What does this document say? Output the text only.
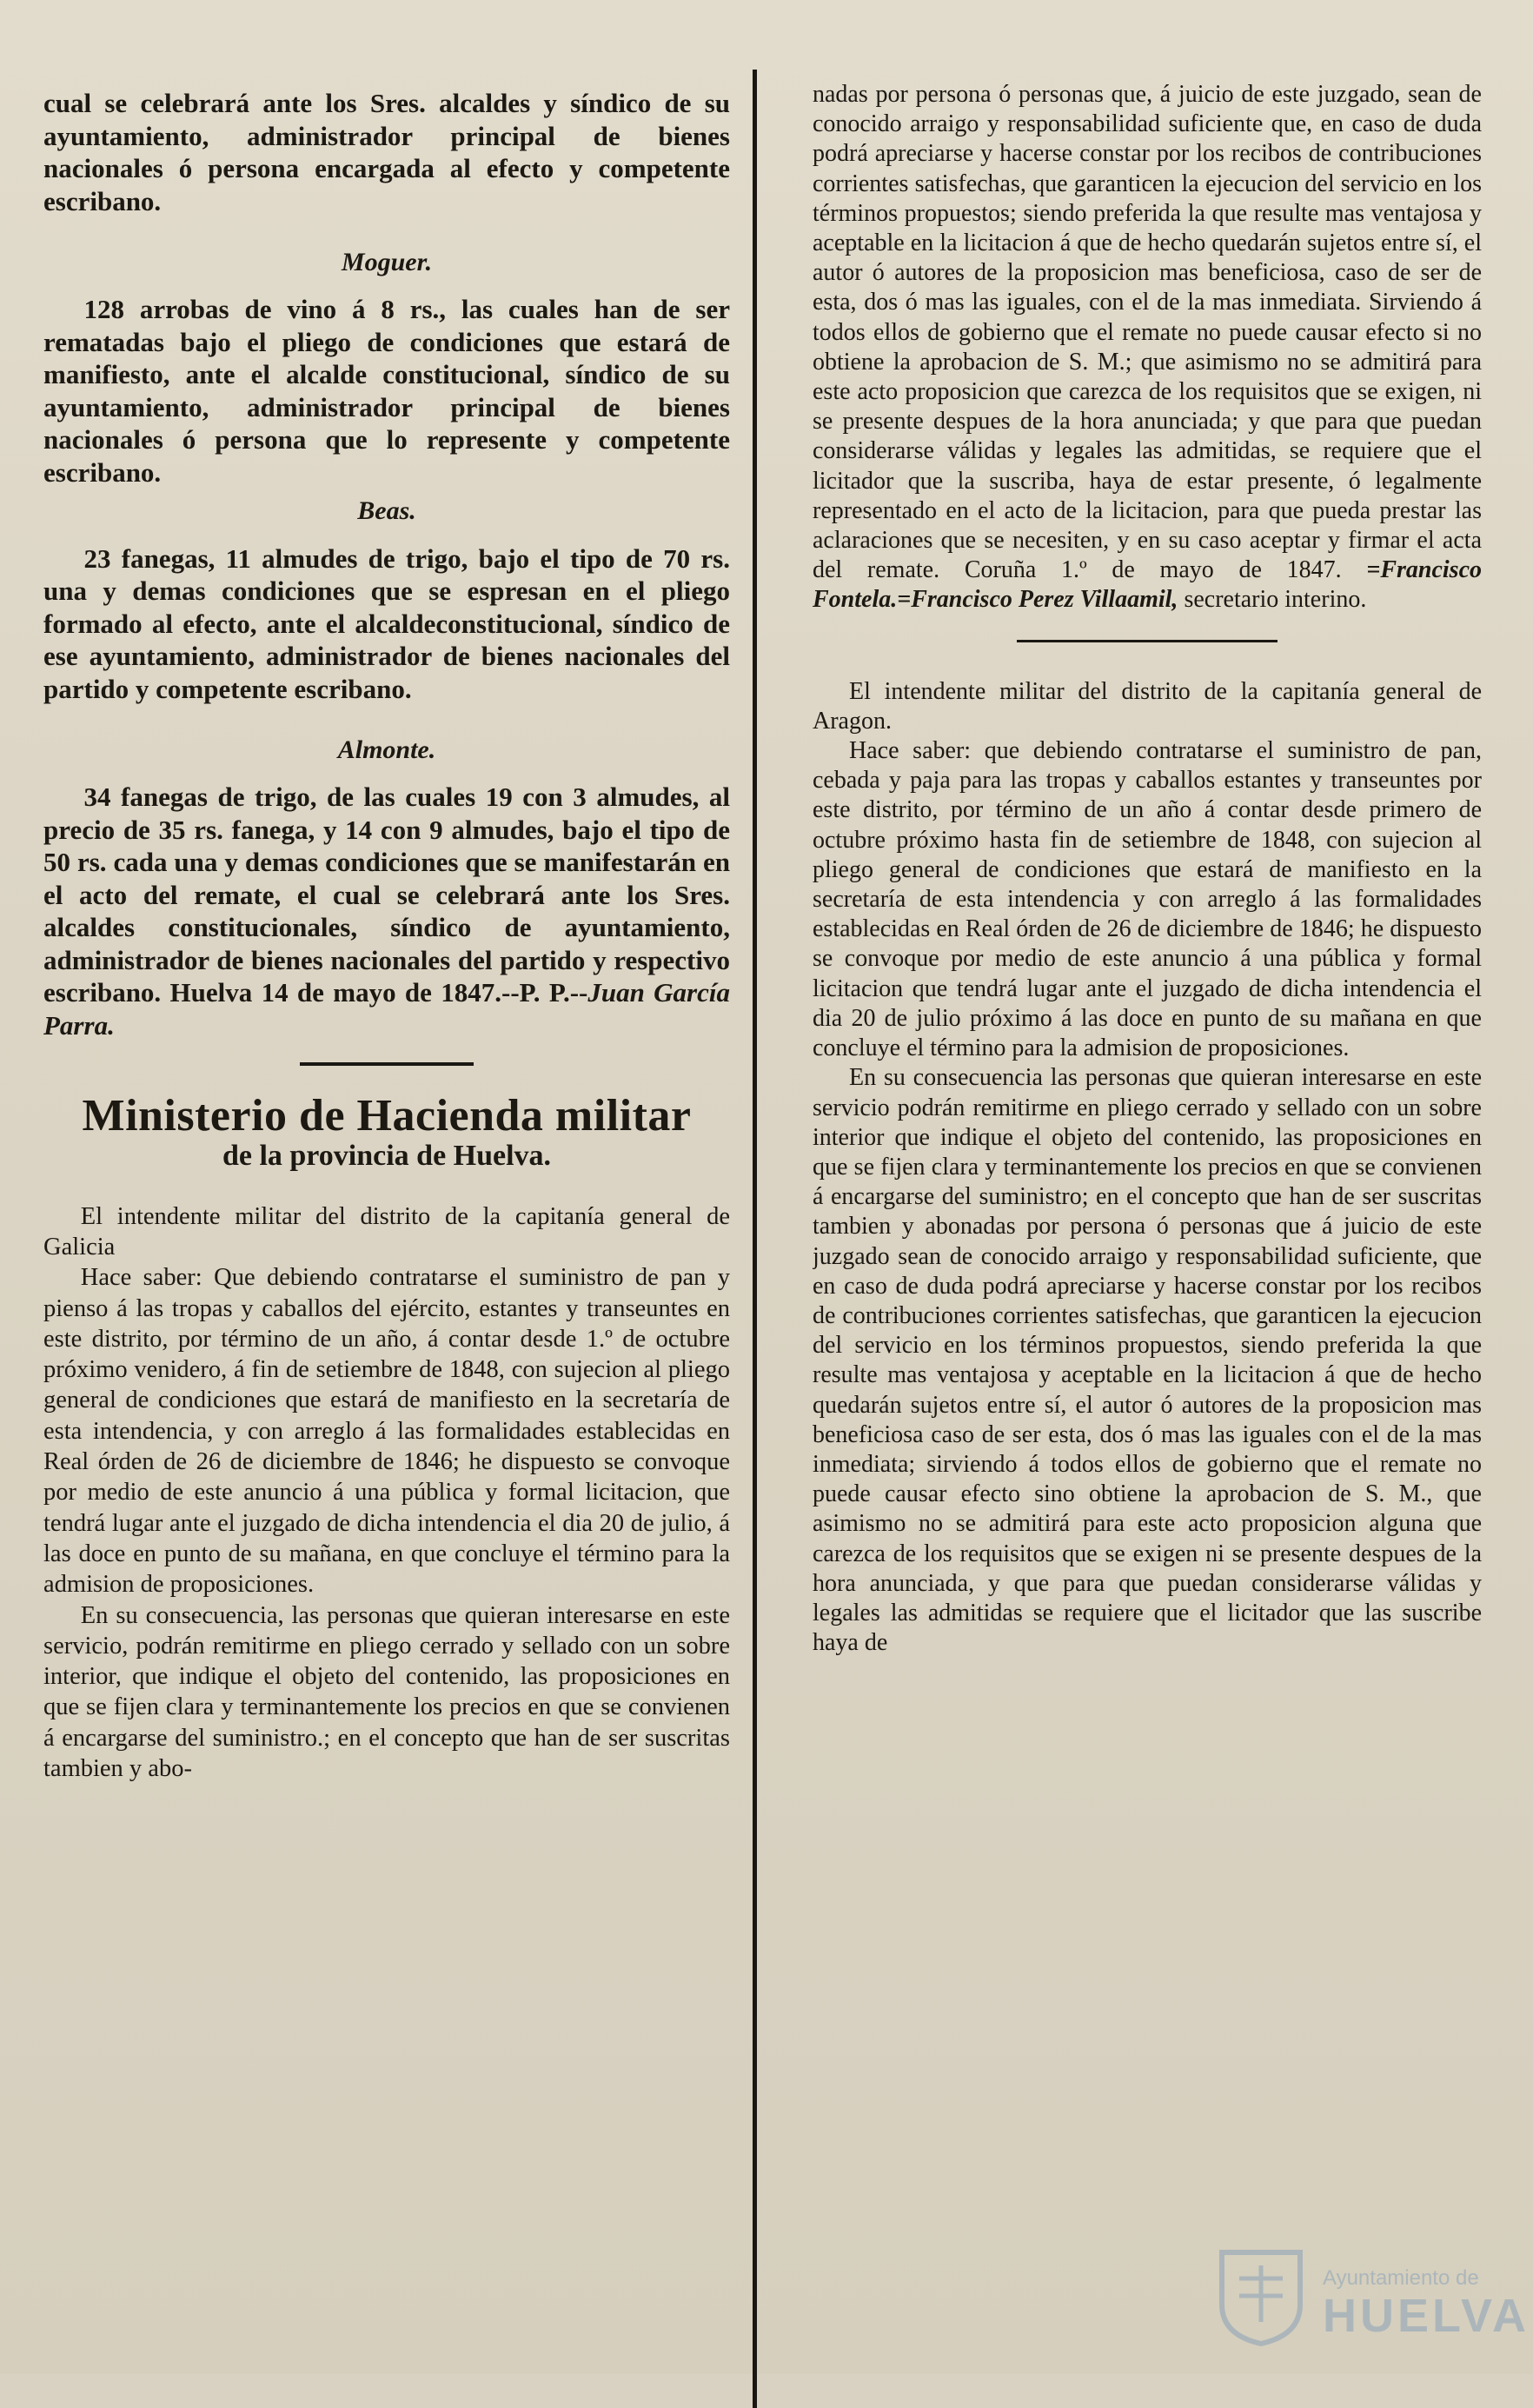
cual se celebrará ante los Sres. alcaldes y síndico de su ayuntamiento, administrador principal de bienes nacionales ó persona encargada al efecto y competente escribano.

Moguer.

128 arrobas de vino á 8 rs., las cuales han de ser rematadas bajo el pliego de condiciones que estará de manifiesto, ante el alcalde constitucional, síndico de su ayuntamiento, administrador principal de bienes nacionales ó persona que lo represente y competente escribano.

Beas.

23 fanegas, 11 almudes de trigo, bajo el tipo de 70 rs. una y demas condiciones que se espresan en el pliego formado al efecto, ante el alcaldeconstitucional, síndico de ese ayuntamiento, administrador de bienes nacionales del partido y competente escribano.

Almonte.

34 fanegas de trigo, de las cuales 19 con 3 almudes, al precio de 35 rs. fanega, y 14 con 9 almudes, bajo el tipo de 50 rs. cada una y demas condiciones que se manifestarán en el acto del remate, el cual se celebrará ante los Sres. alcaldes constitucionales, síndico de ayuntamiento, administrador de bienes nacionales del partido y respectivo escribano. Huelva 14 de mayo de 1847.--P. P.--Juan García Parra.

Ministerio de Hacienda militar

de la provincia de Huelva.

El intendente militar del distrito de la capitanía general de Galicia

Hace saber: Que debiendo contratarse el suministro de pan y pienso á las tropas y caballos del ejército, estantes y transeuntes en este distrito, por término de un año, á contar desde 1.º de octubre próximo venidero, á fin de setiembre de 1848, con sujecion al pliego general de condiciones que estará de manifiesto en la secretaría de esta intendencia, y con arreglo á las formalidades establecidas en Real órden de 26 de diciembre de 1846; he dispuesto se convoque por medio de este anuncio á una pública y formal licitacion, que tendrá lugar ante el juzgado de dicha intendencia el dia 20 de julio, á las doce en punto de su mañana, en que concluye el término para la admision de proposiciones.

En su consecuencia, las personas que quieran interesarse en este servicio, podrán remitirme en pliego cerrado y sellado con un sobre interior, que indique el objeto del contenido, las proposiciones en que se fijen clara y terminantemente los precios en que se convienen á encargarse del suministro.; en el concepto que han de ser suscritas tambien y abo-

nadas por persona ó personas que, á juicio de este juzgado, sean de conocido arraigo y responsabilidad suficiente que, en caso de duda podrá apreciarse y hacerse constar por los recibos de contribuciones corrientes satisfechas, que garanticen la ejecucion del servicio en los términos propuestos; siendo preferida la que resulte mas ventajosa y aceptable en la licitacion á que de hecho quedarán sujetos entre sí, el autor ó autores de la proposicion mas beneficiosa, caso de ser de esta, dos ó mas las iguales, con el de la mas inmediata. Sirviendo á todos ellos de gobierno que el remate no puede causar efecto si no obtiene la aprobacion de S. M.; que asimismo no se admitirá para este acto proposicion que carezca de los requisitos que se exigen, ni se presente despues de la hora anunciada; y que para que puedan considerarse válidas y legales las admitidas, se requiere que el licitador que la suscriba, haya de estar presente, ó legalmente representado en el acto de la licitacion, para que pueda prestar las aclaraciones que se necesiten, y en su caso aceptar y firmar el acta del remate. Coruña 1.º de mayo de 1847. =Francisco Fontela.=Francisco Perez Villaamil, secretario interino.

El intendente militar del distrito de la capitanía general de Aragon.

Hace saber: que debiendo contratarse el suministro de pan, cebada y paja para las tropas y caballos estantes y transeuntes por este distrito, por término de un año á contar desde primero de octubre próximo hasta fin de setiembre de 1848, con sujecion al pliego general de condiciones que estará de manifiesto en la secretaría de esta intendencia y con arreglo á las formalidades establecidas en Real órden de 26 de diciembre de 1846; he dispuesto se convoque por medio de este anuncio á una pública y formal licitacion que tendrá lugar ante el juzgado de dicha intendencia el dia 20 de julio próximo á las doce en punto de su mañana en que concluye el término para la admision de proposiciones.

En su consecuencia las personas que quieran interesarse en este servicio podrán remitirme en pliego cerrado y sellado con un sobre interior que indique el objeto del contenido, las proposiciones en que se fijen clara y terminantemente los precios en que se convienen á encargarse del suministro; en el concepto que han de ser suscritas tambien y abonadas por persona ó personas que á juicio de este juzgado sean de conocido arraigo y responsabilidad suficiente, que en caso de duda podrá apreciarse y hacerse constar por los recibos de contribuciones corrientes satisfechas, que garanticen la ejecucion del servicio en los términos propuestos, siendo preferida la que resulte mas ventajosa y aceptable en la licitacion á que de hecho quedarán sujetos entre sí, el autor ó autores de la proposicion mas beneficiosa caso de ser esta, dos ó mas las iguales con el de la mas inmediata; sirviendo á todos ellos de gobierno que el remate no puede causar efecto sino obtiene la aprobacion de S. M., que asimismo no se admitirá para este acto proposicion alguna que carezca de los requisitos que se exigen ni se presente despues de la hora anunciada, y que para que puedan considerarse válidas y legales las admitidas se requiere que el licitador que las suscribe haya de

Ayuntamiento de
HUELVA
